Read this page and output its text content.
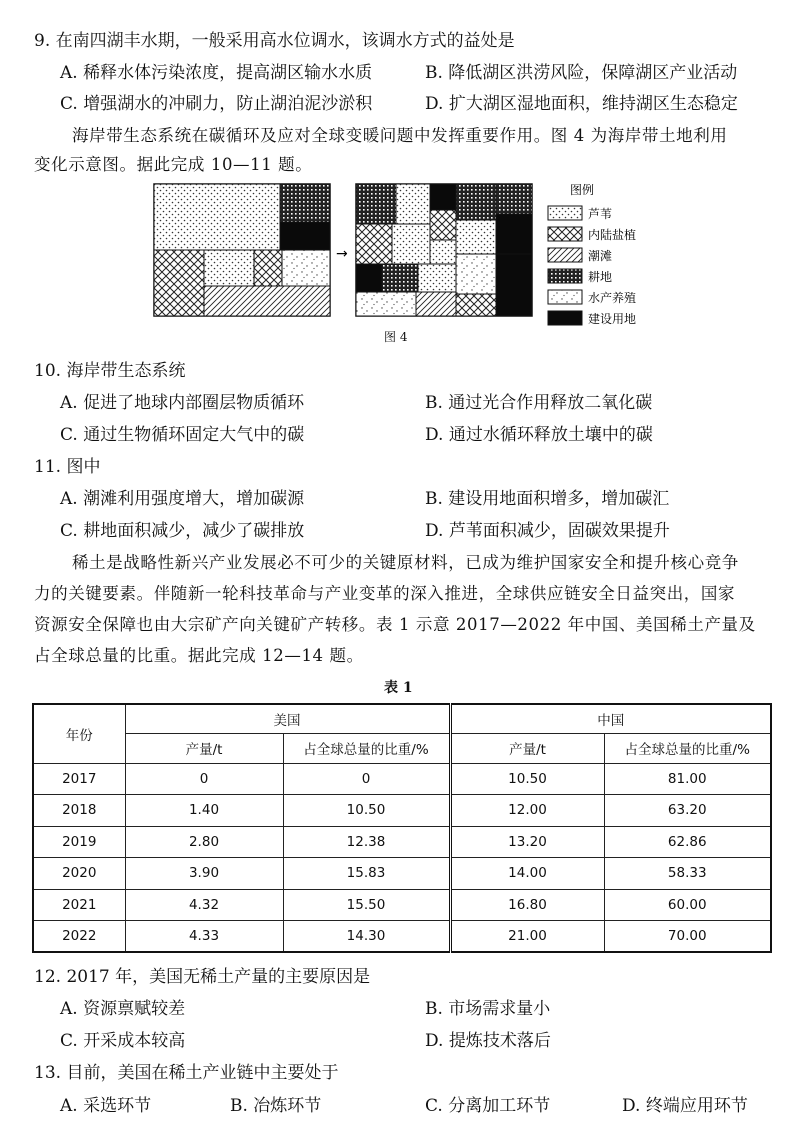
9. 在南四湖丰水期，一般采用高水位调水，该调水方式的益处是
A. 稀释水体污染浓度，提高湖区输水水质	B. 降低湖区洪涝风险，保障湖区产业活动
C. 增强湖水的冲刷力，防止湖泊泥沙淤积	D. 扩大湖区湿地面积，维持湖区生态稳定
海岸带生态系统在碳循环及应对全球变暖问题中发挥重要作用。图 4 为海岸带土地利用
变化示意图。据此完成 10—11 题。
→
图例
芦苇
内陆盐植
潮滩
耕地
水产养殖
建设用地
图 4
10. 海岸带生态系统
A. 促进了地球内部圈层物质循环	B. 通过光合作用释放二氧化碳
C. 通过生物循环固定大气中的碳	D. 通过水循环释放土壤中的碳
11. 图中
A. 潮滩利用强度增大，增加碳源	B. 建设用地面积增多，增加碳汇
C. 耕地面积减少，减少了碳排放	D. 芦苇面积减少，固碳效果提升
稀土是战略性新兴产业发展必不可少的关键原材料，已成为维护国家安全和提升核心竞争
力的关键要素。伴随新一轮科技革命与产业变革的深入推进，全球供应链安全日益突出，国家
资源安全保障也由大宗矿产向关键矿产转移。表 1 示意 2017—2022 年中国、美国稀土产量及
占全球总量的比重。据此完成 12—14 题。
表 1
年份	美国		中国	
	产量/t	占全球总量的比重/%	产量/t	占全球总量的比重/%
2017	0	0	10.50	81.00
2018	1.40	10.50	12.00	63.20
2019	2.80	12.38	13.20	62.86
2020	3.90	15.83	14.00	58.33
2021	4.32	15.50	16.80	60.00
2022	4.33	14.30	21.00	70.00
12. 2017 年，美国无稀土产量的主要原因是
A. 资源禀赋较差	B. 市场需求量小
C. 开采成本较高	D. 提炼技术落后
13. 目前，美国在稀土产业链中主要处于
A. 采选环节	B. 冶炼环节	C. 分离加工环节	D. 终端应用环节
